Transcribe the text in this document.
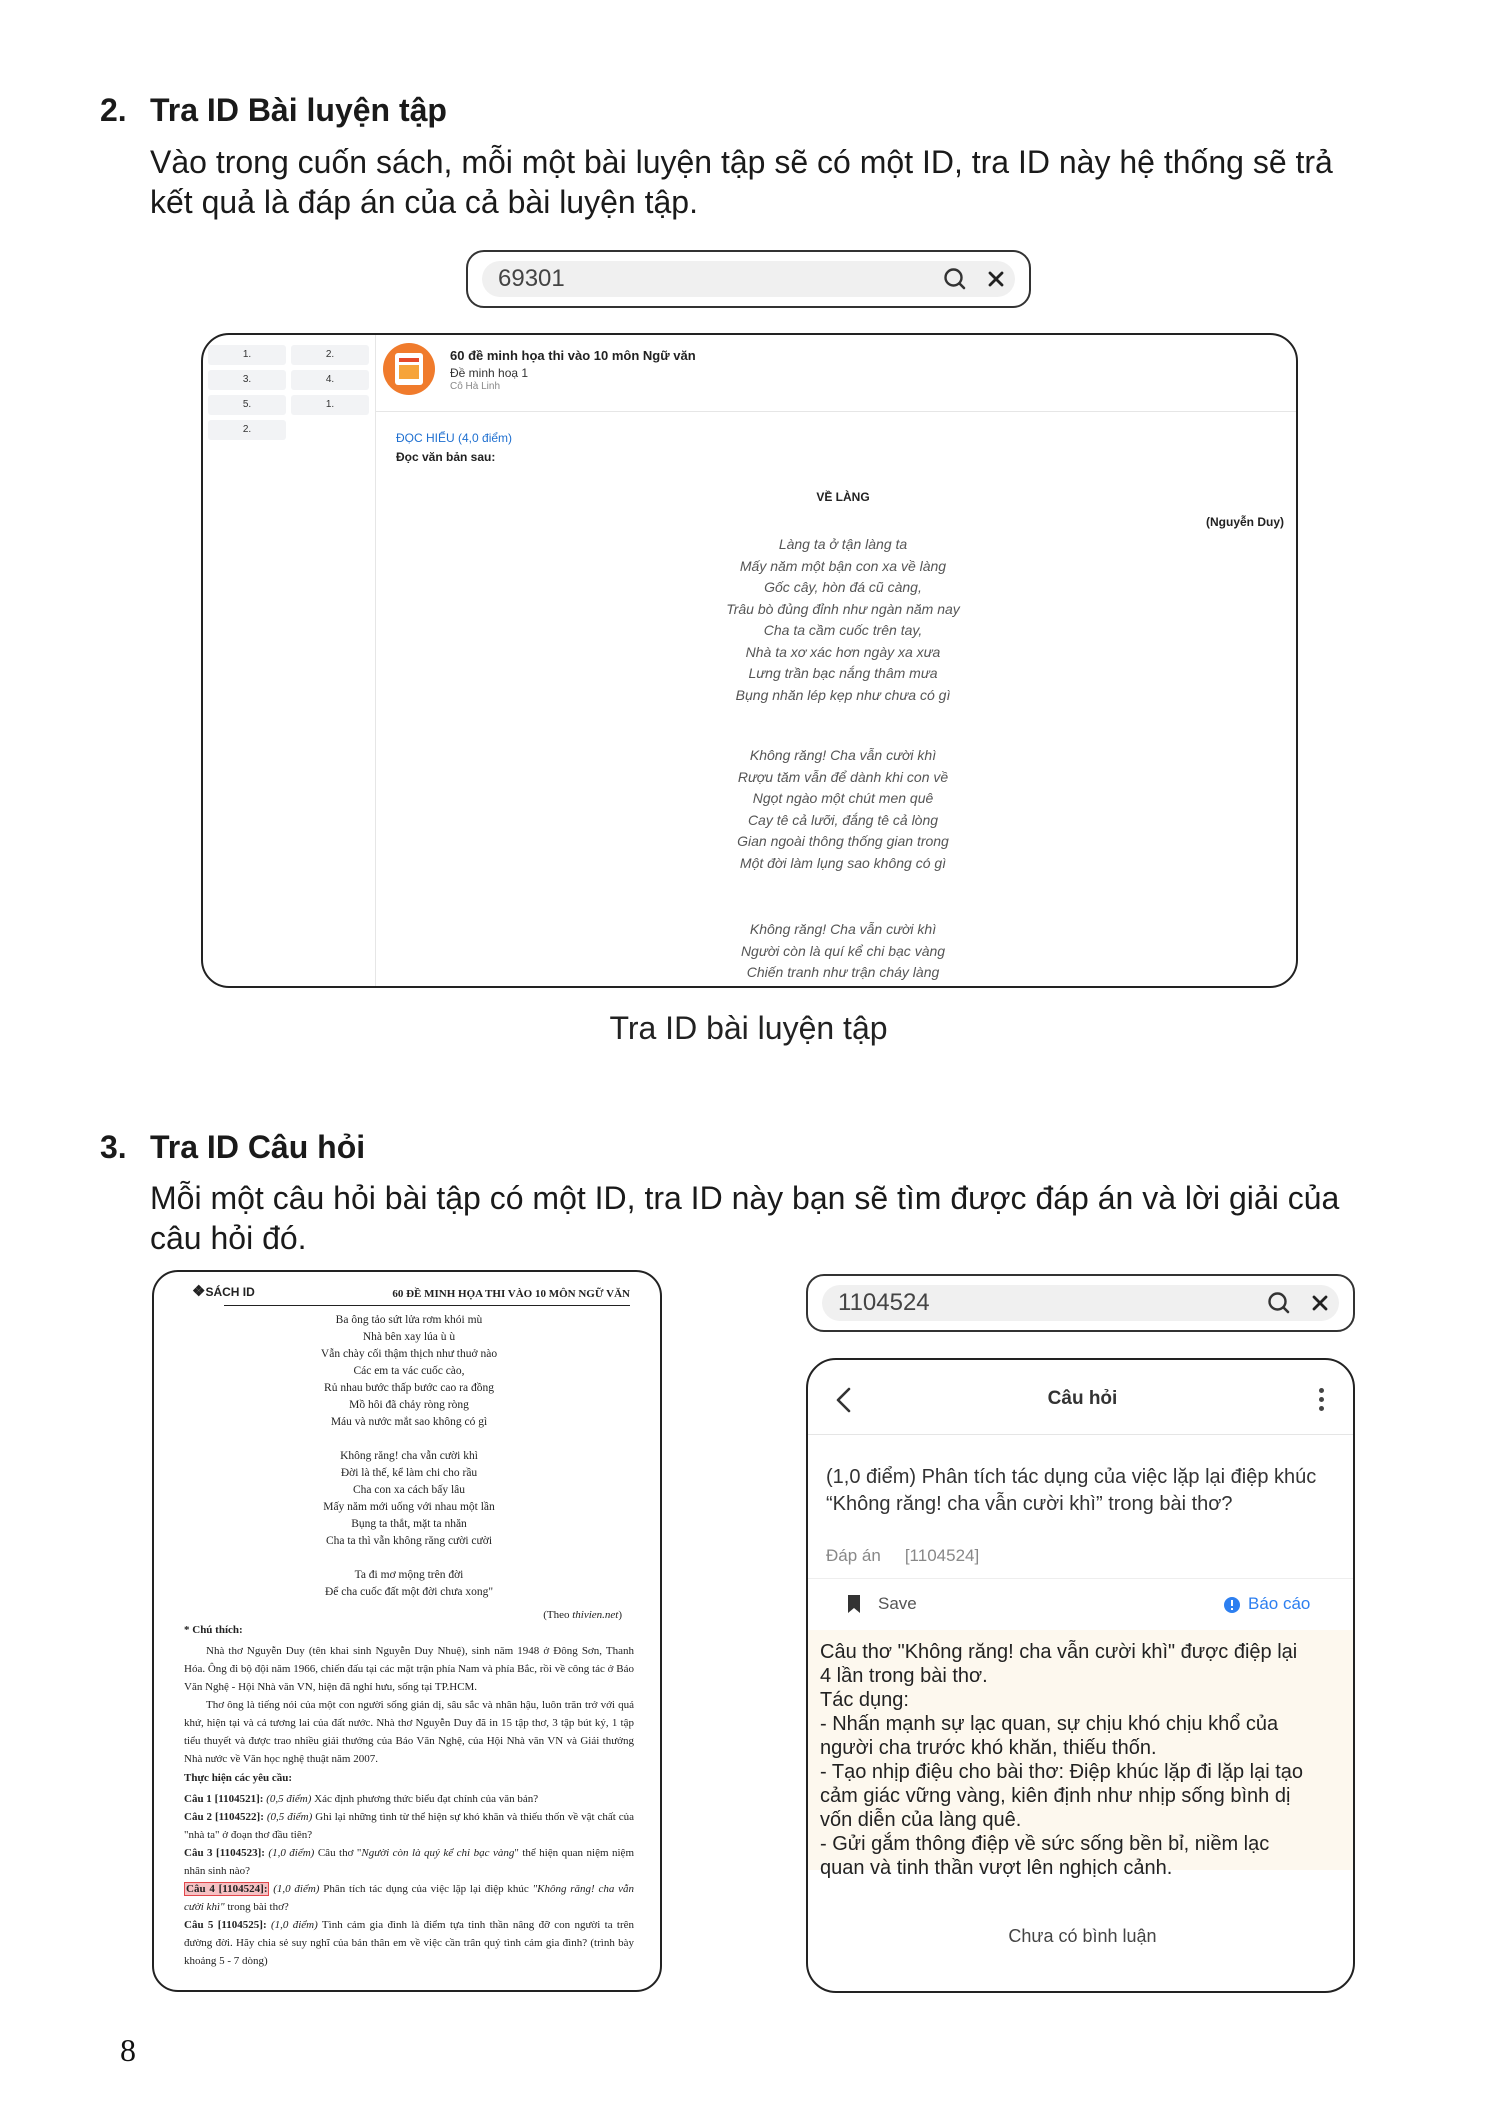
2. Tra ID Bài luyện tập
Vào trong cuốn sách, mỗi một bài luyện tập sẽ có một ID, tra ID này hệ thống sẽ trả
kết quả là đáp án của cả bài luyện tập.
69301
1.	2.
3.	4.
5.	1.
2.
60 đề minh họa thi vào 10 môn Ngữ văn
Đề minh hoạ 1
Cô Hà Linh
ĐỌC HIỂU (4,0 điểm)
Đọc văn bản sau:
VỀ LÀNG
(Nguyễn Duy)
Làng ta ở tận làng ta
Mấy năm một bận con xa về làng
Gốc cây, hòn đá cũ càng,
Trâu bò đủng đỉnh như ngàn năm nay
Cha ta cầm cuốc trên tay,
Nhà ta xơ xác hơn ngày xa xưa
Lưng trần bạc nắng thâm mưa
Bụng nhăn lép kẹp như chưa có gì
Không răng! Cha vẫn cười khì
Rượu tăm vẫn để dành khi con về
Ngọt ngào một chút men quê
Cay tê cả lưỡi, đắng tê cả lòng
Gian ngoài thông thống gian trong
Một đời làm lụng sao không có gì
Không răng! Cha vẫn cười khì
Người còn là quí kể chi bạc vàng
Chiến tranh như trận cháy làng
Tra ID bài luyện tập
3. Tra ID Câu hỏi
Mỗi một câu hỏi bài tập có một ID, tra ID này bạn sẽ tìm được đáp án và lời giải của
câu hỏi đó.
❖SÁCH ID	60 ĐỀ MINH HỌA THI VÀO 10 MÔN NGỮ VĂN
Ba ông tảo sứt lửa rơm khói mù
Nhà bên xay lúa ù ù
Vẫn chày cối thậm thịch như thuở nào
Các em ta vác cuốc cào,
Rủ nhau bước thấp bước cao ra đồng
Mồ hôi đã chảy ròng ròng
Máu và nước mắt sao không có gì
Không răng! cha vẫn cười khì
Đời là thế, kể làm chi cho rầu
Cha con xa cách bấy lâu
Mấy năm mới uống với nhau một lần
Bụng ta thắt, mặt ta nhăn
Cha ta thì vẫn không răng cười cười
Ta đi mơ mộng trên đời
Để cha cuốc đất một đời chưa xong"
(Theo thivien.net)
* Chú thích:
Nhà thơ Nguyễn Duy (tên khai sinh Nguyễn Duy Nhuệ), sinh năm 1948 ở Đông Sơn, Thanh Hóa. Ông đi bộ đội năm 1966, chiến đấu tại các mặt trận phía Nam và phía Bắc, rồi về công tác ở Báo Văn Nghệ - Hội Nhà văn VN, hiện đã nghỉ hưu, sống tại TP.HCM.
Thơ ông là tiếng nói của một con người sống giản dị, sâu sắc và nhân hậu, luôn trăn trở với quá khứ, hiện tại và cả tương lai của đất nước. Nhà thơ Nguyễn Duy đã in 15 tập thơ, 3 tập bút ký, 1 tập tiểu thuyết và được trao nhiều giải thưởng của Báo Văn Nghệ, của Hội Nhà văn VN và Giải thưởng Nhà nước về Văn học nghệ thuật năm 2007.
Thực hiện các yêu cầu:
Câu 1 [1104521]: (0,5 điểm) Xác định phương thức biểu đạt chính của văn bản?
Câu 2 [1104522]: (0,5 điểm) Ghi lại những tình từ thể hiện sự khó khăn và thiếu thốn về vật chất của "nhà ta" ở đoạn thơ đầu tiên?
Câu 3 [1104523]: (1,0 điểm) Câu thơ "Người còn là quý kể chi bạc vàng" thể hiện quan niệm niệm nhân sinh nào?
Câu 4 [1104524]: (1,0 điểm) Phân tích tác dụng của việc lặp lại điệp khúc "Không răng! cha vẫn cười khì" trong bài thơ?
Câu 5 [1104525]: (1,0 điểm) Tình cảm gia đình là điểm tựa tinh thần nâng đỡ con người ta trên đường đời. Hãy chia sẻ suy nghĩ của bản thân em về việc cần trân quý tình cảm gia đình? (trình bày khoảng 5 - 7 dòng)
1104524
Câu hỏi
(1,0 điểm) Phân tích tác dụng của việc lặp lại điệp khúc “Không răng! cha vẫn cười khì” trong bài thơ?
Đáp án [1104524]
Save	Báo cáo
Câu thơ "Không răng! cha vẫn cười khì" được điệp lại
4 lần trong bài thơ.
Tác dụng:
- Nhấn mạnh sự lạc quan, sự chịu khó chịu khổ của
người cha trước khó khăn, thiếu thốn.
- Tạo nhịp điệu cho bài thơ: Điệp khúc lặp đi lặp lại tạo
cảm giác vững vàng, kiên định như nhịp sống bình dị
vốn diễn của làng quê.
- Gửi gắm thông điệp về sức sống bền bỉ, niềm lạc
quan và tinh thần vượt lên nghịch cảnh.
Chưa có bình luận
8
